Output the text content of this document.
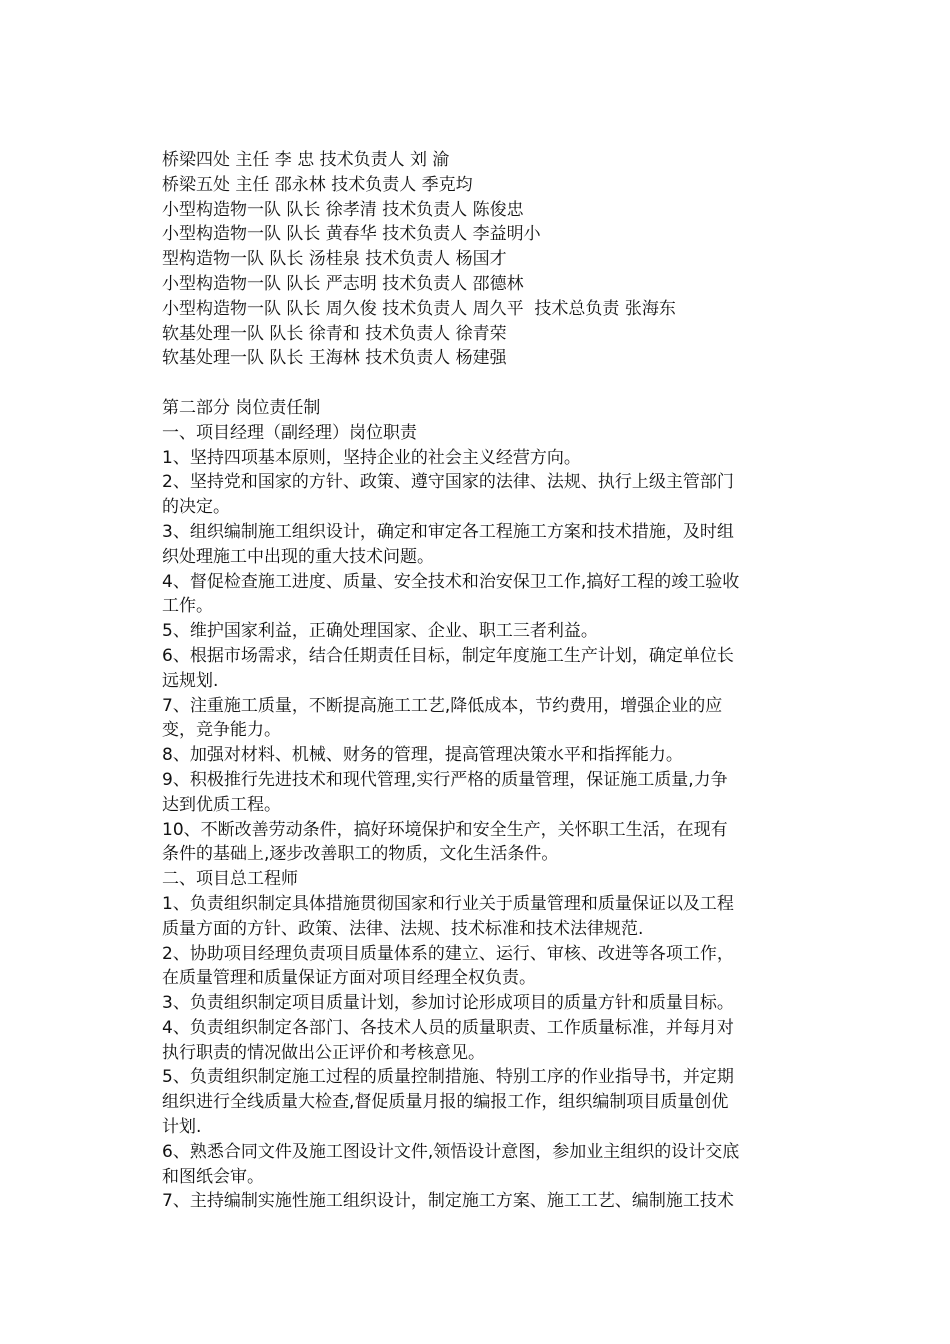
桥梁四处 主任 李 忠 技术负责人 刘 渝
桥梁五处 主任 邵永林 技术负责人 季克均
小型构造物一队 队长 徐孝清 技术负责人 陈俊忠
小型构造物一队 队长 黄春华 技术负责人 李益明小
型构造物一队 队长 汤桂泉 技术负责人 杨国才
小型构造物一队 队长 严志明 技术负责人 邵德林
小型构造物一队 队长 周久俊 技术负责人 周久平  技术总负责 张海东
软基处理一队 队长 徐青和 技术负责人 徐青荣
软基处理一队 队长 王海林 技术负责人 杨建强
第二部分 岗位责任制
一、项目经理（副经理）岗位职责
1、坚持四项基本原则，坚持企业的社会主义经营方向。
2、坚持党和国家的方针、政策、遵守国家的法律、法规、执行上级主管部门
的决定。
3、组织编制施工组织设计，确定和审定各工程施工方案和技术措施，及时组
织处理施工中出现的重大技术问题。
4、督促检查施工进度、质量、安全技术和治安保卫工作,搞好工程的竣工验收
工作。
5、维护国家利益，正确处理国家、企业、职工三者利益。
6、根据市场需求，结合任期责任目标，制定年度施工生产计划，确定单位长
远规划.
7、注重施工质量，不断提高施工工艺,降低成本，节约费用，增强企业的应
变，竞争能力。
8、加强对材料、机械、财务的管理，提高管理决策水平和指挥能力。
9、积极推行先进技术和现代管理,实行严格的质量管理，保证施工质量,力争
达到优质工程。
10、不断改善劳动条件，搞好环境保护和安全生产，关怀职工生活，在现有
条件的基础上,逐步改善职工的物质，文化生活条件。
二、项目总工程师
1、负责组织制定具体措施贯彻国家和行业关于质量管理和质量保证以及工程
质量方面的方针、政策、法律、法规、技术标准和技术法律规范.
2、协助项目经理负责项目质量体系的建立、运行、审核、改进等各项工作，
在质量管理和质量保证方面对项目经理全权负责。
3、负责组织制定项目质量计划，参加讨论形成项目的质量方针和质量目标。
4、负责组织制定各部门、各技术人员的质量职责、工作质量标准，并每月对
执行职责的情况做出公正评价和考核意见。
5、负责组织制定施工过程的质量控制措施、特别工序的作业指导书，并定期
组织进行全线质量大检查,督促质量月报的编报工作，组织编制项目质量创优
计划.
6、熟悉合同文件及施工图设计文件,领悟设计意图，参加业主组织的设计交底
和图纸会审。
7、主持编制实施性施工组织设计，制定施工方案、施工工艺、编制施工技术
